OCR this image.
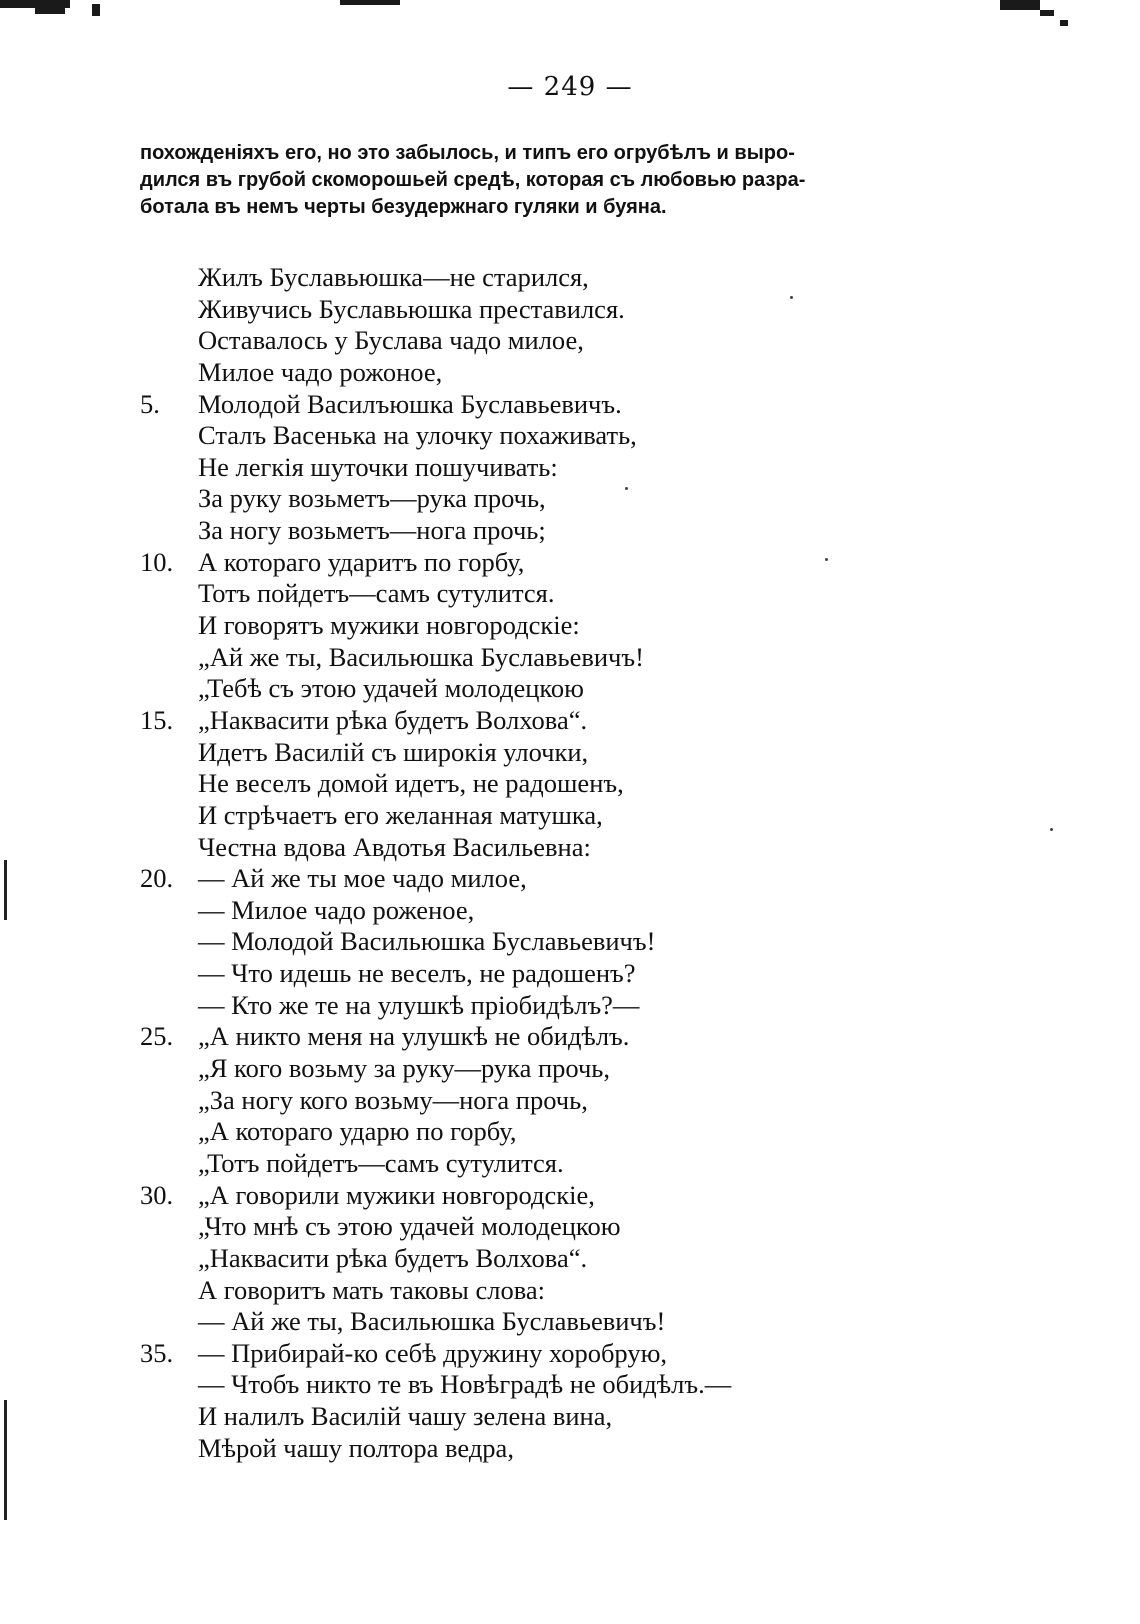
— 249 —
похожденіяхъ его, но это забылось, и типъ его огрубѣлъ и выро-
дился въ грубой скоморошьей средѣ, которая съ любовью разра-
ботала въ немъ черты безудержнаго гуляки и буяна.
Жилъ Буславьюшка—не старился,
Живучись Буславьюшка преставился.
Оставалось у Буслава чадо милое,
Милое чадо рожоное,
5.	Молодой Василъюшка Буславьевичъ.
Сталъ Васенька на улочку похаживать,
Не легкія шуточки пошучивать:
За руку возьметъ—рука прочь,
За ногу возьметъ—нога прочь;
10. А котораго ударитъ по горбу,
Тотъ пойдетъ—самъ сутулится.
И говорятъ мужики новгородскіе:
„Ай же ты, Васильюшка Буславьевичъ!
„Тебѣ съ этою удачей молодецкою
15. „Наквасити рѣка будетъ Волхова“.
Идетъ Василій съ широкія улочки,
Не веселъ домой идетъ, не радошенъ,
И стрѣчаетъ его желанная матушка,
Честна вдова Авдотья Васильевна:
20. — Ай же ты мое чадо милое,
— Милое чадо роженое,
— Молодой Васильюшка Буславьевичъ!
— Что идешь не веселъ, не радошенъ?
— Кто же те на улушкѣ пріобидѣлъ?—
25. „А никто меня на улушкѣ не обидѣлъ.
„Я кого возьму за руку—рука прочь,
„За ногу кого возьму—нога прочь,
„А котораго ударю по горбу,
„Тотъ пойдетъ—самъ сутулится.
30. „А говорили мужики новгородскіе,
„Что мнѣ съ этою удачей молодецкою
„Наквасити рѣка будетъ Волхова“.
А говоритъ мать таковы слова:
— Ай же ты, Васильюшка Буславьевичъ!
35. — Прибирай-ко себѣ дружину хоробрую,
— Чтобъ никто те въ Новѣградѣ не обидѣлъ.—
И налилъ Василій чашу зелена вина,
Мѣрой чашу полтора ведра,
